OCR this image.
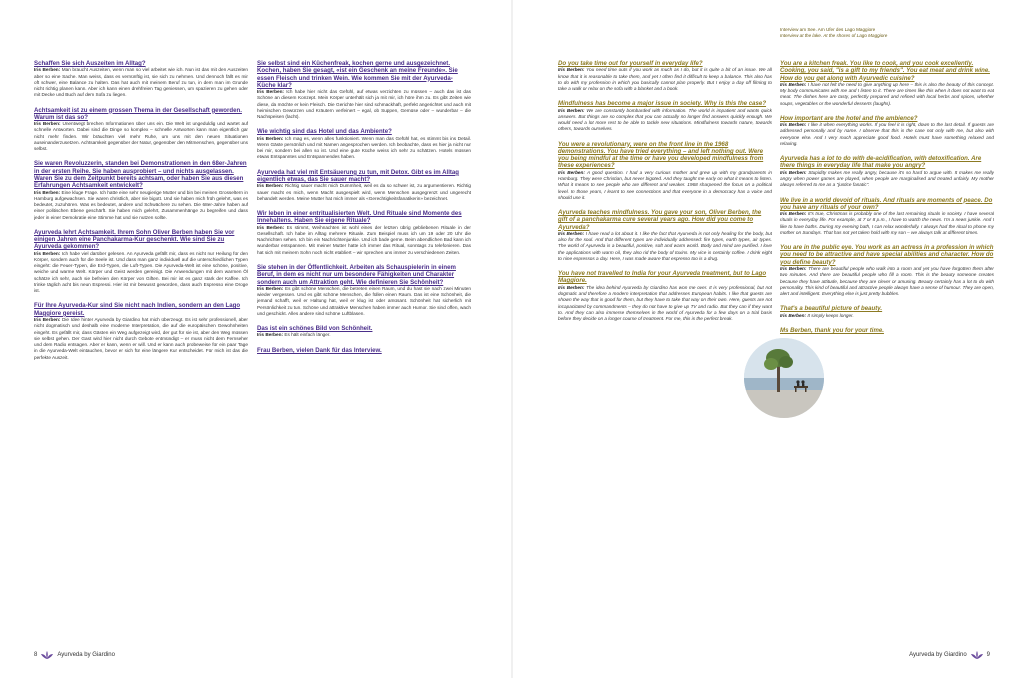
Interview am See. Am Ufer des Lago Maggiore
Interview at the lake. At the shores of Lago Maggiore

Schaffen Sie sich Auszeiten im Alltag?

Iris Berben: Man braucht Auszeiten, wenn man so viel arbeitet wie ich. Nun ist das mit den Auszeiten aber so eine Sache. Man weiss, dass es vernünftig ist, sie sich zu nehmen. Und dennoch fällt es mir oft schwer, eine Balance zu halten. Das hat auch mit meinem Beruf zu tun, in dem man im Grunde nicht richtig planen kann. Aber ich kann einen drehfreien Tag geniessen, um spazieren zu gehen oder mit Decke und Buch auf dem Sofa zu liegen.

Achtsamkeit ist zu einem grossen Thema in der Gesellschaft geworden. Warum ist das so?

Iris Berben: Unentwegt brechen Informationen über uns ein. Die Welt ist ungeduldig und wartet auf schnelle Antworten. Dabei sind die Dinge so komplex – schnelle Antworten kann man eigentlich gar nicht mehr finden. Wir bräuchten viel mehr Ruhe, um uns mit den neuen Situationen auseinanderzusetzen. Achtsamkeit gegenüber der Natur, gegenüber den Mitmenschen, gegenüber uns selbst.

Sie waren Revoluzzerin, standen bei Demonstrationen in den 68er-Jahren in der ersten Reihe. Sie haben ausprobiert – und nichts ausgelassen. Waren Sie zu dem Zeitpunkt bereits achtsam, oder haben Sie aus diesen Erfahrungen Achtsamkeit entwickelt?

Iris Berben: Eine kluge Frage. Ich hatte eine sehr neugierige Mutter und bin bei meinen Grosseltern in Hamburg aufgewachsen. Sie waren christlich, aber nie bigott. Und sie haben mich früh gelehrt, was es bedeutet, zuzuhören. Was es bedeutet, andere und Schwächere zu sehen. Die 68er-Jahre haben auf einer politischen Ebene geschärft. Sie haben mich gelehrt, Zusammenhänge zu begreifen und dass jeder in einer Demokratie eine Stimme hat und sie nutzen sollte.

Ayurveda lehrt Achtsamkeit. Ihrem Sohn Oliver Berben haben Sie vor einigen Jahren eine Panchakarma-Kur geschenkt. Wie sind Sie zu Ayurveda gekommen?

Iris Berben: Ich habe viel darüber gelesen. An Ayurveda gefällt mir, dass es nicht nur Heilung für den Körper, sondern auch für die Seele ist. Und dass man ganz individuell auf die unterschiedlichen Typen eingeht: die Feuer-Typen, die Erd-Typen, die Luft-Typen. Die Ayurveda-Welt ist eine schöne, positive, weiche und warme Welt. Körper und Geist werden gereinigt. Die Anwendungen mit dem warmen Öl schätze ich sehr, auch sie befreien den Körper von Giften. Bei mir ist es ganz stark der Kaffee. Ich trinke täglich acht bis neun Espressi. Hier ist mir bewusst geworden, dass auch Espresso eine Droge ist.

Für Ihre Ayurveda-Kur sind Sie nicht nach Indien, sondern an den Lago Maggiore gereist.

Iris Berben: Die Idee hinter Ayurveda by Giardino hat mich überzeugt. Es ist sehr professionell, aber nicht dogmatisch und deshalb eine moderne Interpretation, die auf die europäischen Gewohnheiten eingeht. Es gefällt mir, dass Gästen ein Weg aufgezeigt wird, der gut für sie ist, aber den Weg müssen sie selbst gehen. Der Gast wird hier nicht durch Gebote entmündigt – er muss nicht dem Fernseher und dem Radio entsagen. Aber er kann, wenn er will. Und er kann auch probeweise für ein paar Tage in die Ayurveda-Welt eintauchen, bevor er sich für eine längere Kur entscheidet. Für mich ist das die perfekte Auszeit.

Sie selbst sind ein Küchenfreak, kochen gerne und ausgezeichnet. Kochen, haben Sie gesagt, «ist ein Geschenk an meine Freunde». Sie essen Fleisch und trinken Wein. Wie kommen Sie mit der Ayurveda-Küche klar?

Iris Berben: Ich habe hier nicht das Gefühl, auf etwas verzichten zu müssen – auch das ist das Schöne an diesem Konzept. Mein Körper unterhält sich ja mit mir, ich höre ihm zu. Es gibt Zeiten wie diese, da möchte er kein Fleisch. Die Gerichte hier sind schmackhaft, perfekt angerichtet und auch mit heimischen Gewürzen und Kräutern verfeinert – egal, ob Suppen, Gemüse oder – wunderbar – die Nachspeisen (lacht).

Wie wichtig sind das Hotel und das Ambiente?

Iris Berben: Ich mag es, wenn alles funktioniert. Wenn man das Gefühl hat, es stimmt bis ins Detail. Wenn Gäste persönlich und mit Namen angesprochen werden. Ich beobachte, dass es hier ja nicht nur bei mir, sondern bei allen so ist. Und eine gute Küche weiss ich sehr zu schätzen. Hotels müssen etwas Entspanntes und Entspannendes haben.

Ayurveda hat viel mit Entsäuerung zu tun, mit Detox. Gibt es im Alltag eigentlich etwas, das Sie sauer macht?

Iris Berben: Richtig sauer macht mich Dummheit, weil es da so schwer ist, zu argumentieren. Richtig sauer macht es mich, wenn Macht ausgespielt wird, wenn Menschen ausgegrenzt und ungerecht behandelt werden. Meine Mutter hat mich immer als «Gerechtigkeitsfanatikerin» bezeichnet.

Wir leben in einer entritualisierten Welt. Und Rituale sind Momente des Innehaltens. Haben Sie eigene Rituale?

Iris Berben: Es stimmt, Weihnachten ist wohl eines der letzten übrig gebliebenen Rituale in der Gesellschaft. Ich habe im Alltag mehrere Rituale. Zum Beispiel muss ich um 19 oder 20 Uhr die Nachrichten sehen. Ich bin ein Nachrichtenjunkie. Und ich bade gerne. Beim abendlichen Bad kann ich wunderbar entspannen. Mit meiner Mutter hatte ich immer das Ritual, sonntags zu telefonieren. Das hat sich mit meinem Sohn noch nicht etabliert – wir sprechen uns immer zu verschiedenen Zeiten.

Sie stehen in der Öffentlichkeit. Arbeiten als Schauspielerin in einem Beruf, in dem es nicht nur um besondere Fähigkeiten und Charakter sondern auch um Attraktion geht. Wie definieren Sie Schönheit?

Iris Berben: Es gibt schöne Menschen, die betreten einen Raum, und du hast sie nach zwei Minuten wieder vergessen. Und es gibt schöne Menschen, die füllen einen Raum. Das ist eine Schönheit, die jemand schafft, weil er Haltung hat, weil er klug ist oder amüsant. Schönheit hat sicherlich mit Persönlichkeit zu tun. Schöne und attraktive Menschen haben immer auch Humor. Sie sind offen, wach und geschickt. Alles andere sind schöne Luftblasen.

Das ist ein schönes Bild von Schönheit.

Iris Berben: Es hält einfach länger.

Frau Berben, vielen Dank für das Interview.

Do you take time out for yourself in everyday life?

Iris Berben: You need time outs if you work as much as I do, but it is quite a bit of an issue. We all know that it is reasonable to take them, and yet I often find it difficult to keep a balance. This also has to do with my profession in which you basically cannot plan properly. But I enjoy a day off filming to take a walk or relax on the sofa with a blanket and a book.

Mindfulness has become a major issue in society. Why is this the case?

Iris Berben: We are constantly bombarded with information. The world is impatient and wants quick answers. But things are so complex that you can actually no longer find answers quickly enough. We would need a lot more rest to be able to tackle new situations. Mindfulness towards nature, towards others, towards ourselves.

You were a revolutionary, were on the front line in the 1968 demonstrations. You have tried everything – and left nothing out. Were you being mindful at the time or have you developed mindfulness from these experiences?

Iris Berben: A good question. I had a very curious mother and grew up with my grandparents in Hamburg. They were Christian, but never bigoted. And they taught me early on what it means to listen. What it means to see people who are different and weaker. 1968 sharpened the focus on a political level. In those years, I learnt to see connections and that everyone in a democracy has a voice and should use it.

Ayurveda teaches mindfulness. You gave your son, Oliver Berben, the gift of a panchakarma cure several years ago. How did you come to Ayurveda?

Iris Berben: I have read a lot about it. I like the fact that Ayurveda is not only healing for the body, but also for the soul. And that different types are individually addressed: fire types, earth types, air types. The world of Ayurveda is a beautiful, positive, soft and warm world. Body and mind are purified. I love the applications with warm oil, they also rid the body of toxins. My vice is certainly coffee. I drink eight to nine espressos a day. Here, I was made aware that espresso too is a drug.

You have not travelled to India for your Ayurveda treatment, but to Lago Maggiore.

Iris Berben: The idea behind Ayurveda by Giardino has won me over. It is very professional, but not dogmatic and therefore a modern interpretation that addresses European habits. I like that guests are shown the way that is good for them, but they have to take that way on their own. Here, guests are not incapacitated by commandments – they do not have to give up TV and radio. But they can if they want to. And they can also immerse themselves in the world of Ayurveda for a few days on a trial basis before they decide on a longer course of treatment. For me, this is the perfect break.

You are a kitchen freak. You like to cook, and you cook excellently. Cooking, you said, "is a gift to my friends". You eat meat and drink wine. How do you get along with Ayurvedic cuisine?

Iris Berben: I have not felt the need to give anything up here – this is also the beauty of this concept. My body communicates with me and I listen to it. There are times like this when it does not want to eat meat. The dishes here are tasty, perfectly prepared and refined with local herbs and spices, whether soups, vegetables or the wonderful desserts (laughs).

How important are the hotel and the ambience?

Iris Berben: I like it when everything works. If you feel it is right, down to the last detail. If guests are addressed personally and by name. I observe that this is the case not only with me, but also with everyone else. And I very much appreciate good food. Hotels must have something relaxed and relaxing.

Ayurveda has a lot to do with de-acidification, with detoxification. Are there things in everyday life that make you angry?

Iris Berben: Stupidity makes me really angry, because it's so hard to argue with. It makes me really angry when power games are played, when people are marginalised and treated unfairly. My mother always referred to me as a "justice fanatic".

We live in a world devoid of rituals. And rituals are moments of peace. Do you have any rituals of your own?

Iris Berben: It's true, Christmas is probably one of the last remaining rituals in society. I have several rituals in everyday life. For example, at 7 or 8 p.m., I have to watch the news. I'm a news junkie. And I like to have baths. During my evening bath, I can relax wonderfully. I always had the ritual to phone my mother on Sundays. That has not yet taken hold with my son – we always talk at different times.

You are in the public eye. You work as an actress in a profession in which you need to be attractive and have special abilities and character. How do you define beauty?

Iris Berben: There are beautiful people who walk into a room and yet you have forgotten them after two minutes. And there are beautiful people who fill a room. This is the beauty someone creates because they have attitude, because they are clever or amusing. Beauty certainly has a lot to do with personality. This kind of beautiful and attractive people always have a sense of humour. They are open, alert and intelligent. Everything else is just pretty bubbles.

That's a beautiful picture of beauty.

Iris Berben: It simply keeps longer.

Ms Berben, thank you for your time.

8	Ayurveda by Giardino	Ayurveda by Giardino	9
